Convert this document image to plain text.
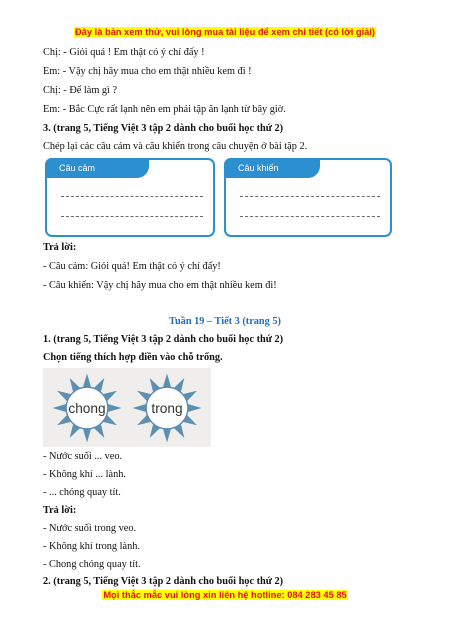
Đây là bản xem thử, vui lòng mua tài liệu để xem chi tiết (có lời giải)
Chị: - Giỏi quá ! Em thật có ý chí đấy !
Em: - Vậy chị hãy mua cho em thật nhiều kem đi !
Chị: - Để làm gì ?
Em: - Bắc Cực rất lạnh nên em phải tập ăn lạnh từ bây giờ.
3. (trang 5, Tiếng Việt 3 tập 2 dành cho buổi học thứ 2)
Chép lại các câu cảm và câu khiến trong câu chuyện ở bài tập 2.
Câu cảm	Câu khiến
Trả lời:
- Câu cảm: Giỏi quá! Em thật có ý chí đấy!
- Câu khiến: Vậy chị hãy mua cho em thật nhiều kem đi!
Tuần 19 – Tiết 3 (trang 5)
1. (trang 5, Tiếng Việt 3 tập 2 dành cho buổi học thứ 2)
Chọn tiếng thích hợp điền vào chỗ trống.
chong trong
- Nước suối ... veo.
- Không khí ... lành.
- ... chóng quay tít.
Trả lời:
- Nước suối trong veo.
- Không khí trong lành.
- Chong chóng quay tít.
2. (trang 5, Tiếng Việt 3 tập 2 dành cho buổi học thứ 2)
Mọi thắc mắc vui lòng xin liên hệ hotline: 084 283 45 85
